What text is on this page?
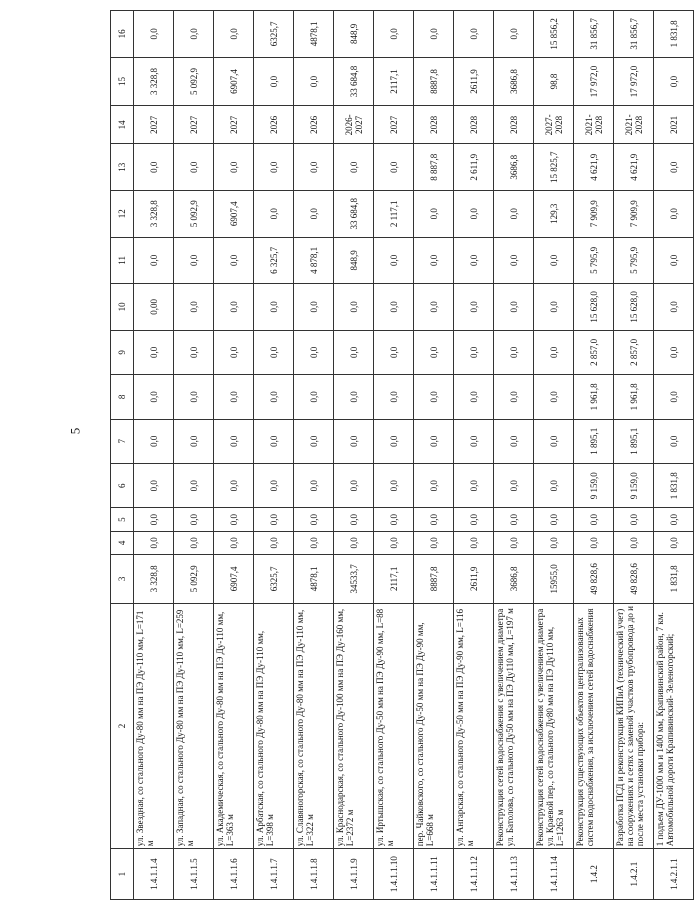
5
1	2	3	4	5	6	7	8	9	10	11	12	13	14	15	16
1.4.1.1.4	ул. Звездная, со стального Ду-80 мм на ПЭ Ду-110 мм, L=171 м	3 328,8	0,0	0,0	0,0	0,0	0,0	0,0	0,00	0,0	3 328,8	0,0	2027	3 328,8	0,0
1.4.1.1.5	ул. Западная, со стального Ду-80 мм на ПЭ Ду-110 мм, L=259 м	5 092,9	0,0	0,0	0,0	0,0	0,0	0,0	0,0	0,0	5 092,9	0,0	2027	5 092,9	0,0
1.4.1.1.6	ул. Академическая, со стального Ду-80 мм на ПЭ Ду-110 мм, L=363 м	6907,4	0,0	0,0	0,0	0,0	0,0	0,0	0,0	0,0	6907,4	0,0	2027	6907,4	0,0
1.4.1.1.7	ул. Арбатская, со стального Ду-80 мм на ПЭ Ду-110 мм, L=398 м	6325,7	0,0	0,0	0,0	0,0	0,0	0,0	0,0	6 325,7	0,0	0,0	2026	0,0	6325,7
1.4.1.1.8	ул. Славяногорская, со стального Ду-80 мм на ПЭ Ду-110 мм, L=322 м	4878,1	0,0	0,0	0,0	0,0	0,0	0,0	0,0	4 878,1	0,0	0,0	2026	0,0	4878,1
1.4.1.1.9	ул. Краснодарская, со стального Ду-100 мм на ПЭ Ду-160 мм, L=2372 м	34533,7	0,0	0,0	0,0	0,0	0,0	0,0	0,0	848,9	33 684,8	0,0	2026-2027	33 684,8	848,9
1.4.1.1.10	ул. Иртышская, со стального Ду-50 мм на ПЭ Ду-90 мм, L=88 м	2117,1	0,0	0,0	0,0	0,0	0,0	0,0	0,0	0,0	2 117,1	0,0	2027	2117,1	0,0
1.4.1.1.11	пер. Чайковского, со стального Ду-50 мм на ПЭ Ду-90 мм, L=668 м	8887,8	0,0	0,0	0,0	0,0	0,0	0,0	0,0	0,0	0,0	8 887,8	2028	8887,8	0,0
1.4.1.1.12	ул. Ангарская, со стального Ду-50 мм на ПЭ Ду-90 мм, L=116 м	2611,9	0,0	0,0	0,0	0,0	0,0	0,0	0,0	0,0	0,0	2 611,9	2028	2611,9	0,0
1.4.1.1.13	Реконструкция сетей водоснабжения с увеличением диаметра ул. Батолова, со стального Ду50 мм на ПЭ Ду110 мм, L=197 м	3686,8	0,0	0,0	0,0	0,0	0,0	0,0	0,0	0,0	0,0	3686,8	2028	3686,8	0,0
1.4.1.1.14	Реконструкция сетей водоснабжения с увеличением диаметра ул. Краевой пер., со стального Ду80 мм на ПЭ Ду110 мм, L=1263 м	15955,0	0,0	0,0	0,0	0,0	0,0	0,0	0,0	0,0	129,3	15 825,7	2027-2028	98,8	15 856,2
1.4.2	Реконструкция существующих объектов централизованных систем водоснабжения, за исключением сетей водоснабжения	49 828,6	0,0	0,0	9 159,0	1 895,1	1 961,8	2 857,0	15 628,0	5 795,9	7 909,9	4 621,9	2021-2028	17 972,0	31 856,7
1.4.2.1	Разработка ПСД и реконструкция КИПиА (технический учет) на сооружениях и сетях с заменой участков трубопровода до и после места установки прибора:	49 828,6	0,0	0,0	9 159,0	1 895,1	1 961,8	2 857,0	15 628,0	5 795,9	7 909,9	4 621,9	2021-2028	17 972,0	31 856,7
1.4.2.1.1	1 подъем ДУ-1000 мм и 1400 мм, Крапивинский район, 7 км. Автомобильной дороги Крапивинский- Зеленогорский;	1 831,8	0,0	0,0	1 831,8	0,0	0,0	0,0	0,0	0,0	0,0	0,0	2021	0,0	1 831,8
